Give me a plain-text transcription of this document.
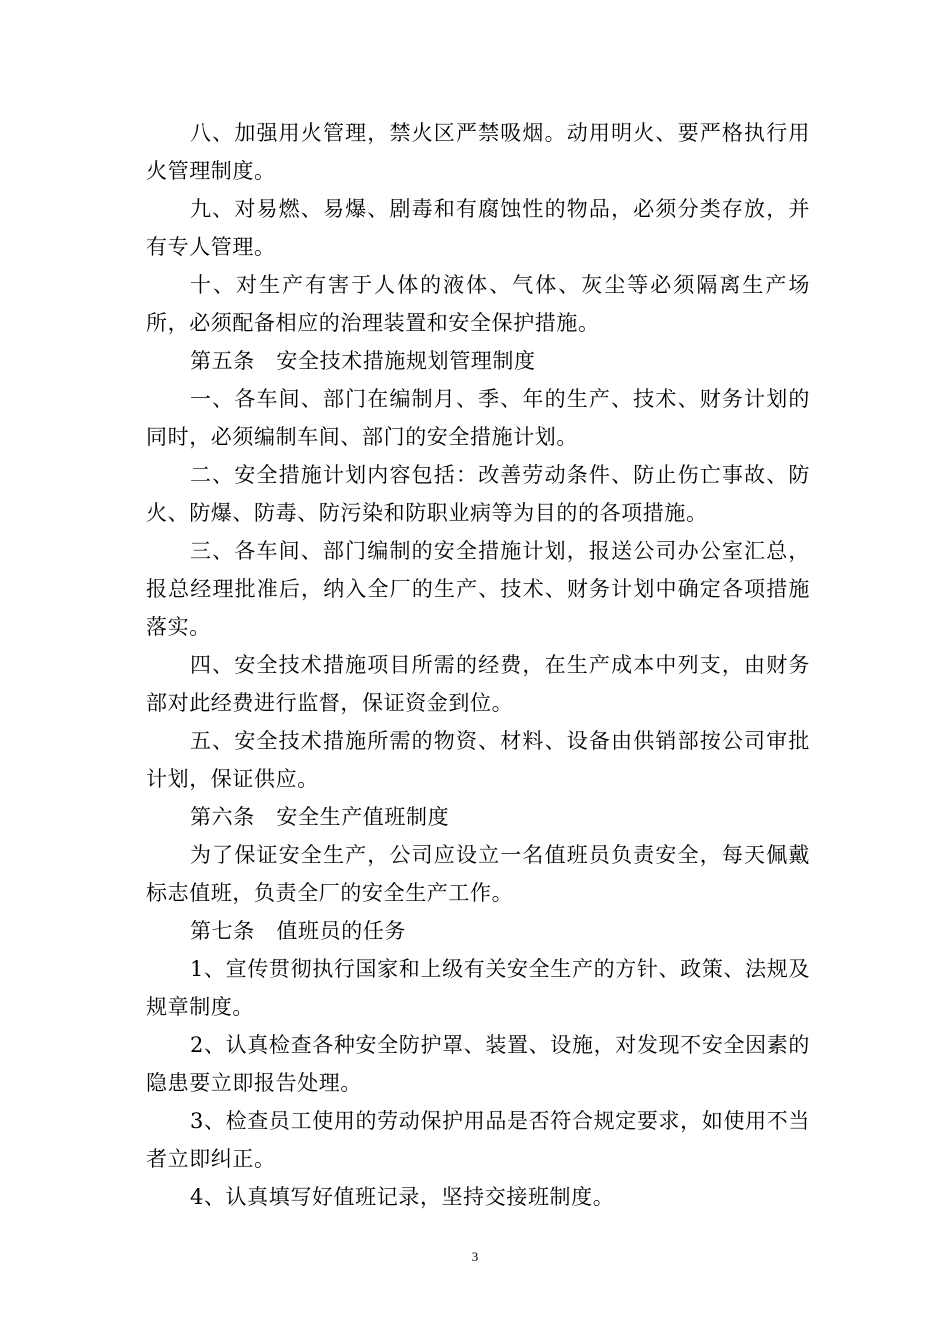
八、加强用火管理，禁火区严禁吸烟。动用明火、要严格执行用火管理制度。

九、对易燃、易爆、剧毒和有腐蚀性的物品，必须分类存放，并有专人管理。

十、对生产有害于人体的液体、气体、灰尘等必须隔离生产场所，必须配备相应的治理装置和安全保护措施。

第五条　安全技术措施规划管理制度

一、各车间、部门在编制月、季、年的生产、技术、财务计划的同时，必须编制车间、部门的安全措施计划。

二、安全措施计划内容包括：改善劳动条件、防止伤亡事故、防火、防爆、防毒、防污染和防职业病等为目的的各项措施。

三、各车间、部门编制的安全措施计划，报送公司办公室汇总，报总经理批准后，纳入全厂的生产、技术、财务计划中确定各项措施落实。

四、安全技术措施项目所需的经费，在生产成本中列支，由财务部对此经费进行监督，保证资金到位。

五、安全技术措施所需的物资、材料、设备由供销部按公司审批计划，保证供应。

第六条　安全生产值班制度

为了保证安全生产，公司应设立一名值班员负责安全，每天佩戴标志值班，负责全厂的安全生产工作。

第七条　值班员的任务

1、宣传贯彻执行国家和上级有关安全生产的方针、政策、法规及规章制度。

2、认真检查各种安全防护罩、装置、设施，对发现不安全因素的隐患要立即报告处理。

3、检查员工使用的劳动保护用品是否符合规定要求，如使用不当者立即纠正。

4、认真填写好值班记录，坚持交接班制度。

3
